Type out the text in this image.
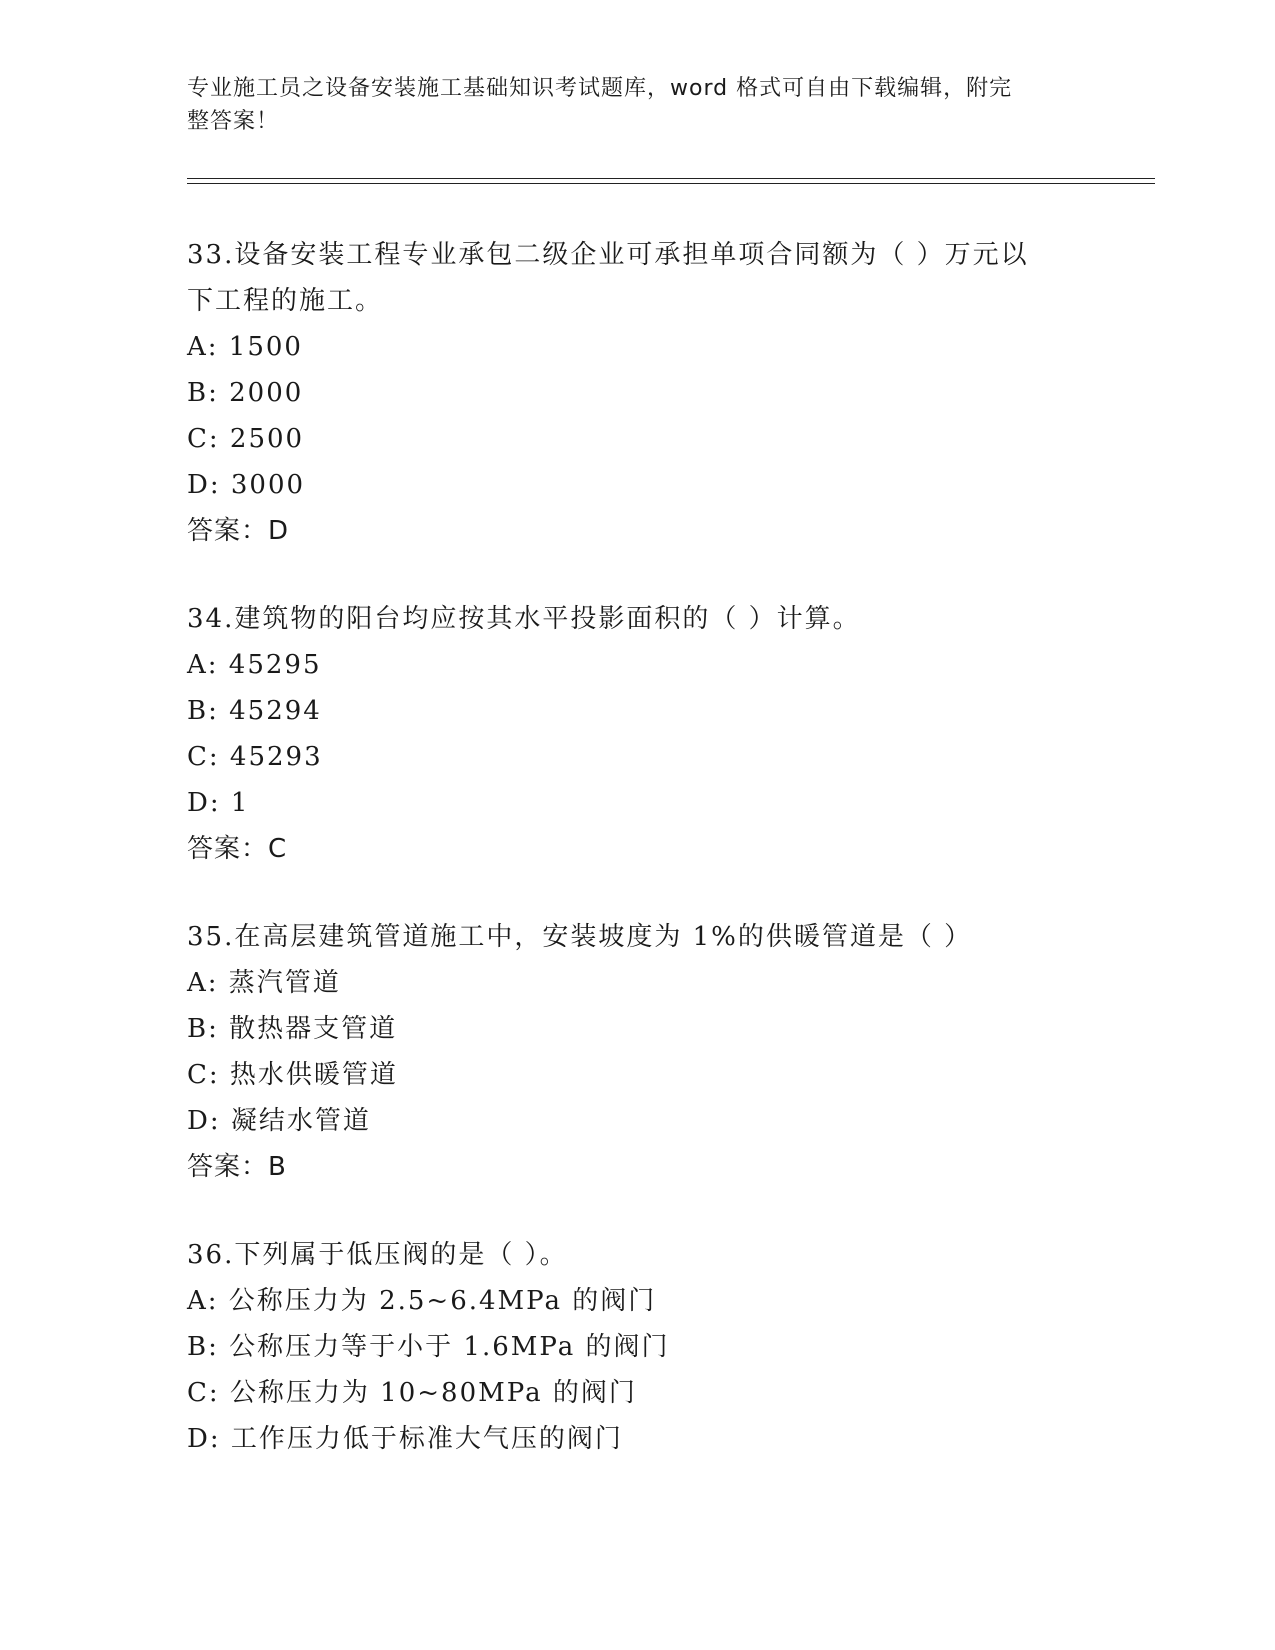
专业施工员之设备安装施工基础知识考试题库，word 格式可自由下载编辑，附完
整答案！
33.设备安装工程专业承包二级企业可承担单项合同额为（ ）万元以
下工程的施工。
A: 1500
B: 2000
C: 2500
D: 3000
答案：D
34.建筑物的阳台均应按其水平投影面积的（ ）计算。
A: 45295
B: 45294
C: 45293
D: 1
答案：C
35.在高层建筑管道施工中，安装坡度为 1%的供暖管道是（ ）
A: 蒸汽管道
B: 散热器支管道
C: 热水供暖管道
D: 凝结水管道
答案：B
36.下列属于低压阀的是（ ）。
A: 公称压力为 2.5~6.4MPa 的阀门
B: 公称压力等于小于 1.6MPa 的阀门
C: 公称压力为 10~80MPa 的阀门
D: 工作压力低于标准大气压的阀门
